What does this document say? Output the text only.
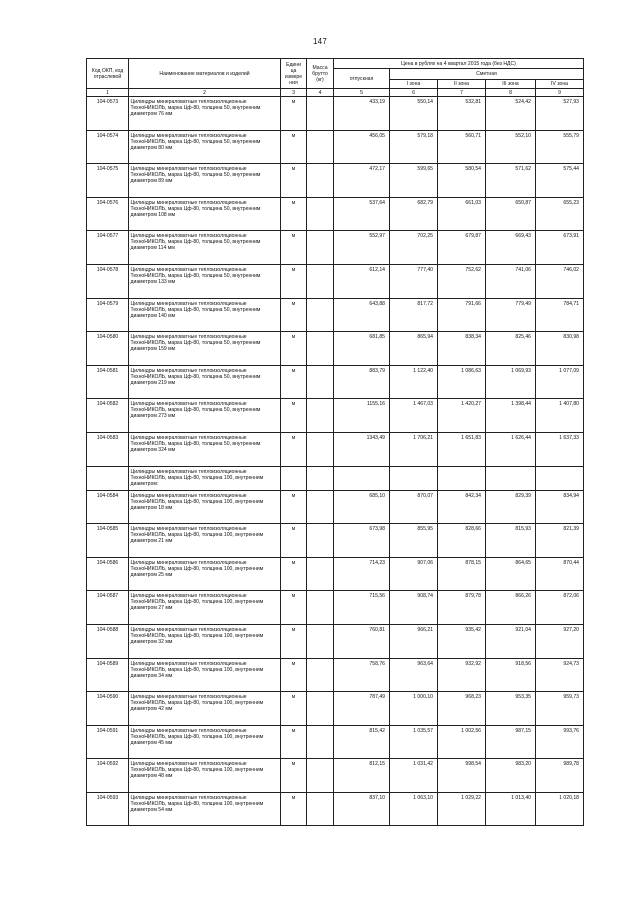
147
Код ОКП, код отраслевой	Наименование материалов и изделий	Едини ца измере ния	Масса брутто (кг)	Цена в рублях на 4 квартал 2015 года (без НДС)				
				отпускная	Сметная			
					I зона	II зона	III зона	IV зона
1	2	3	4	5	6	7	8	9
104-0573	Цилиндры минераловатные теплоизоляционные ТехноНИКОЛЬ, марка Цф-80, толщина 50, внутренним диаметром 76 мм	м		433,19	550,14	532,81	524,42	527,93
104-0574	Цилиндры минераловатные теплоизоляционные ТехноНИКОЛЬ, марка Цф-80, толщина 50, внутренним диаметром 80 мм	м		456,05	579,18	560,71	552,10	555,79
104-0575	Цилиндры минераловатные теплоизоляционные ТехноНИКОЛЬ, марка Цф-80, толщина 50, внутренним диаметром 89 мм	м		472,17	599,65	580,54	571,62	575,44
104-0576	Цилиндры минераловатные теплоизоляционные ТехноНИКОЛЬ, марка Цф-80, толщина 50, внутренним диаметром 108 мм	м		537,64	682,79	661,03	650,87	655,23
104-0577	Цилиндры минераловатные теплоизоляционные ТехноНИКОЛЬ, марка Цф-80, толщина 50, внутренним диаметром 114 мм	м		552,97	702,25	679,87	669,43	673,91
104-0578	Цилиндры минераловатные теплоизоляционные ТехноНИКОЛЬ, марка Цф-80, толщина 50, внутренним диаметром 133 мм	м		612,14	777,40	752,62	741,06	746,02
104-0579	Цилиндры минераловатные теплоизоляционные ТехноНИКОЛЬ, марка Цф-80, толщина 50, внутренним диаметром 140 мм	м		643,88	817,72	791,66	779,49	784,71
104-0580	Цилиндры минераловатные теплоизоляционные ТехноНИКОЛЬ, марка Цф-80, толщина 50, внутренним диаметром 159 мм	м		681,85	865,94	838,34	825,46	830,98
104-0581	Цилиндры минераловатные теплоизоляционные ТехноНИКОЛЬ, марка Цф-80, толщина 50, внутренним диаметром 219 мм	м		883,79	1 122,40	1 086,63	1 069,93	1 077,09
104-0582	Цилиндры минераловатные теплоизоляционные ТехноНИКОЛЬ, марка Цф-80, толщина 50, внутренним диаметром 273 мм	м		1155,16	1 467,03	1 420,27	1 398,44	1 407,80
104-0583	Цилиндры минераловатные теплоизоляционные ТехноНИКОЛЬ, марка Цф-80, толщина 50, внутренним диаметром 324 мм	м		1343,49	1 706,21	1 651,83	1 626,44	1 637,33
	Цилиндры минераловатные теплоизоляционные ТехноНИКОЛЬ, марка Цф-80, толщина 100, внутренним диаметром:							
104-0584	Цилиндры минераловатные теплоизоляционные ТехноНИКОЛЬ, марка Цф-80, толщина 100, внутренним диаметром 18 мм	м		685,10	870,07	842,34	829,39	834,94
104-0585	Цилиндры минераловатные теплоизоляционные ТехноНИКОЛЬ, марка Цф-80, толщина 100, внутренним диаметром 21 мм	м		673,98	855,95	828,66	815,93	821,39
104-0586	Цилиндры минераловатные теплоизоляционные ТехноНИКОЛЬ, марка Цф-80, толщина 100, внутренним диаметром 25 мм	м		714,23	907,06	878,15	864,65	870,44
104-0587	Цилиндры минераловатные теплоизоляционные ТехноНИКОЛЬ, марка Цф-80, толщина 100, внутренним диаметром 27 мм	м		715,56	908,74	879,78	866,26	872,06
104-0588	Цилиндры минераловатные теплоизоляционные ТехноНИКОЛЬ, марка Цф-80, толщина 100, внутренним диаметром 32 мм	м		760,81	966,21	935,42	921,04	927,20
104-0589	Цилиндры минераловатные теплоизоляционные ТехноНИКОЛЬ, марка Цф-80, толщина 100, внутренним диаметром 34 мм	м		758,76	963,64	932,92	918,56	924,73
104-0590	Цилиндры минераловатные теплоизоляционные ТехноНИКОЛЬ, марка Цф-80, толщина 100, внутренним диаметром 42 мм	м		787,49	1 000,10	968,23	953,35	959,73
104-0591	Цилиндры минераловатные теплоизоляционные ТехноНИКОЛЬ, марка Цф-80, толщина 100, внутренним диаметром 45 мм	м		815,42	1 035,57	1 002,56	987,15	993,76
104-0592	Цилиндры минераловатные теплоизоляционные ТехноНИКОЛЬ, марка Цф-80, толщина 100, внутренним диаметром 48 мм	м		812,15	1 031,42	998,54	983,20	989,78
104-0593	Цилиндры минераловатные теплоизоляционные ТехноНИКОЛЬ, марка Цф-80, толщина 100, внутренним диаметром 54 мм	м		837,10	1 063,10	1 029,22	1 013,40	1 020,18
